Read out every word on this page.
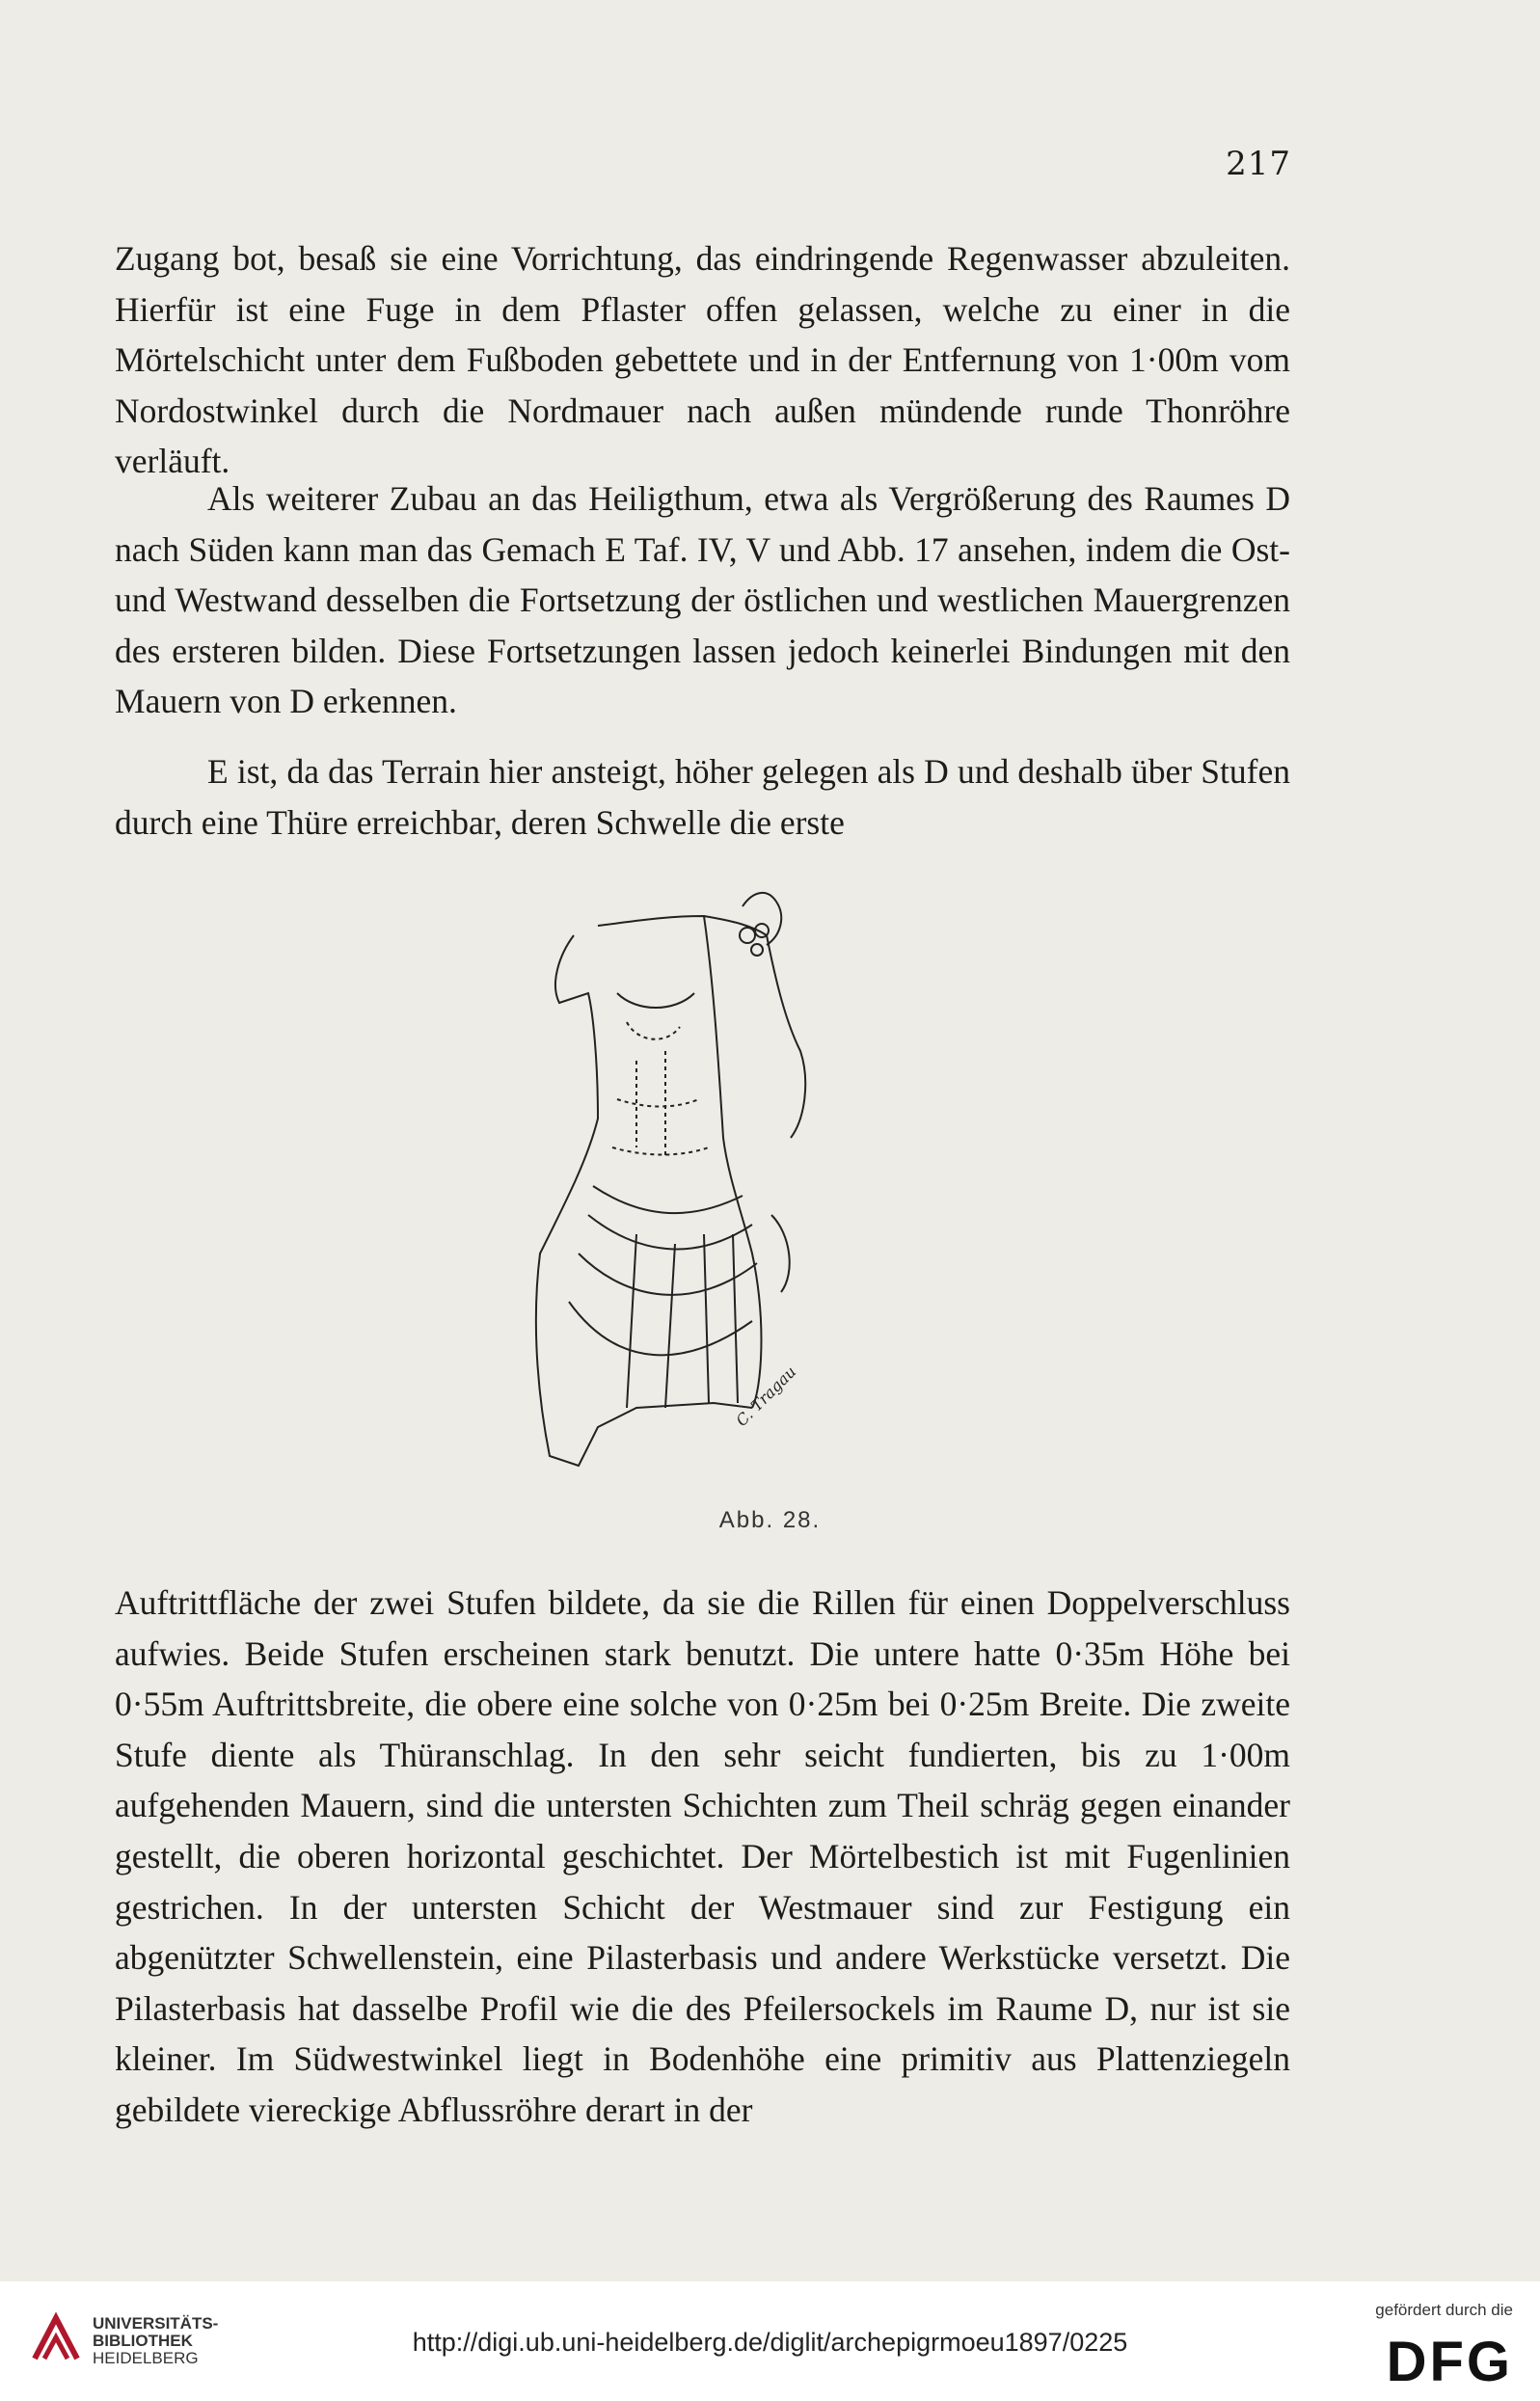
217

Zugang bot, besaß sie eine Vorrichtung, das eindringende Regenwasser abzuleiten. Hierfür ist eine Fuge in dem Pflaster offen gelassen, welche zu einer in die Mörtelschicht unter dem Fußboden gebettete und in der Entfernung von 1·00m vom Nordostwinkel durch die Nordmauer nach außen mündende runde Thonröhre verläuft.

Als weiterer Zubau an das Heiligthum, etwa als Vergrößerung des Raumes D nach Süden kann man das Gemach E Taf. IV, V und Abb. 17 ansehen, indem die Ost- und Westwand desselben die Fortsetzung der östlichen und westlichen Mauergrenzen des ersteren bilden. Diese Fortsetzungen lassen jedoch keinerlei Bindungen mit den Mauern von D erkennen.

E ist, da das Terrain hier ansteigt, höher gelegen als D und deshalb über Stufen durch eine Thüre erreichbar, deren Schwelle die erste

C. Tragau
Abb. 28.

Auftrittfläche der zwei Stufen bildete, da sie die Rillen für einen Doppelverschluss aufwies. Beide Stufen erscheinen stark benutzt. Die untere hatte 0·35m Höhe bei 0·55m Auftrittsbreite, die obere eine solche von 0·25m bei 0·25m Breite. Die zweite Stufe diente als Thüranschlag. In den sehr seicht fundierten, bis zu 1·00m aufgehenden Mauern, sind die untersten Schichten zum Theil schräg gegen einander gestellt, die oberen horizontal geschichtet. Der Mörtelbestich ist mit Fugenlinien gestrichen. In der untersten Schicht der Westmauer sind zur Festigung ein abgenützter Schwellenstein, eine Pilasterbasis und andere Werkstücke versetzt. Die Pilasterbasis hat dasselbe Profil wie die des Pfeilersockels im Raume D, nur ist sie kleiner. Im Südwestwinkel liegt in Bodenhöhe eine primitiv aus Plattenziegeln gebildete viereckige Abflussröhre derart in der

UNIVERSITÄTS-
BIBLIOTHEK
HEIDELBERG
http://digi.ub.uni-heidelberg.de/diglit/archepigrmoeu1897/0225
gefördert durch die
DFG
